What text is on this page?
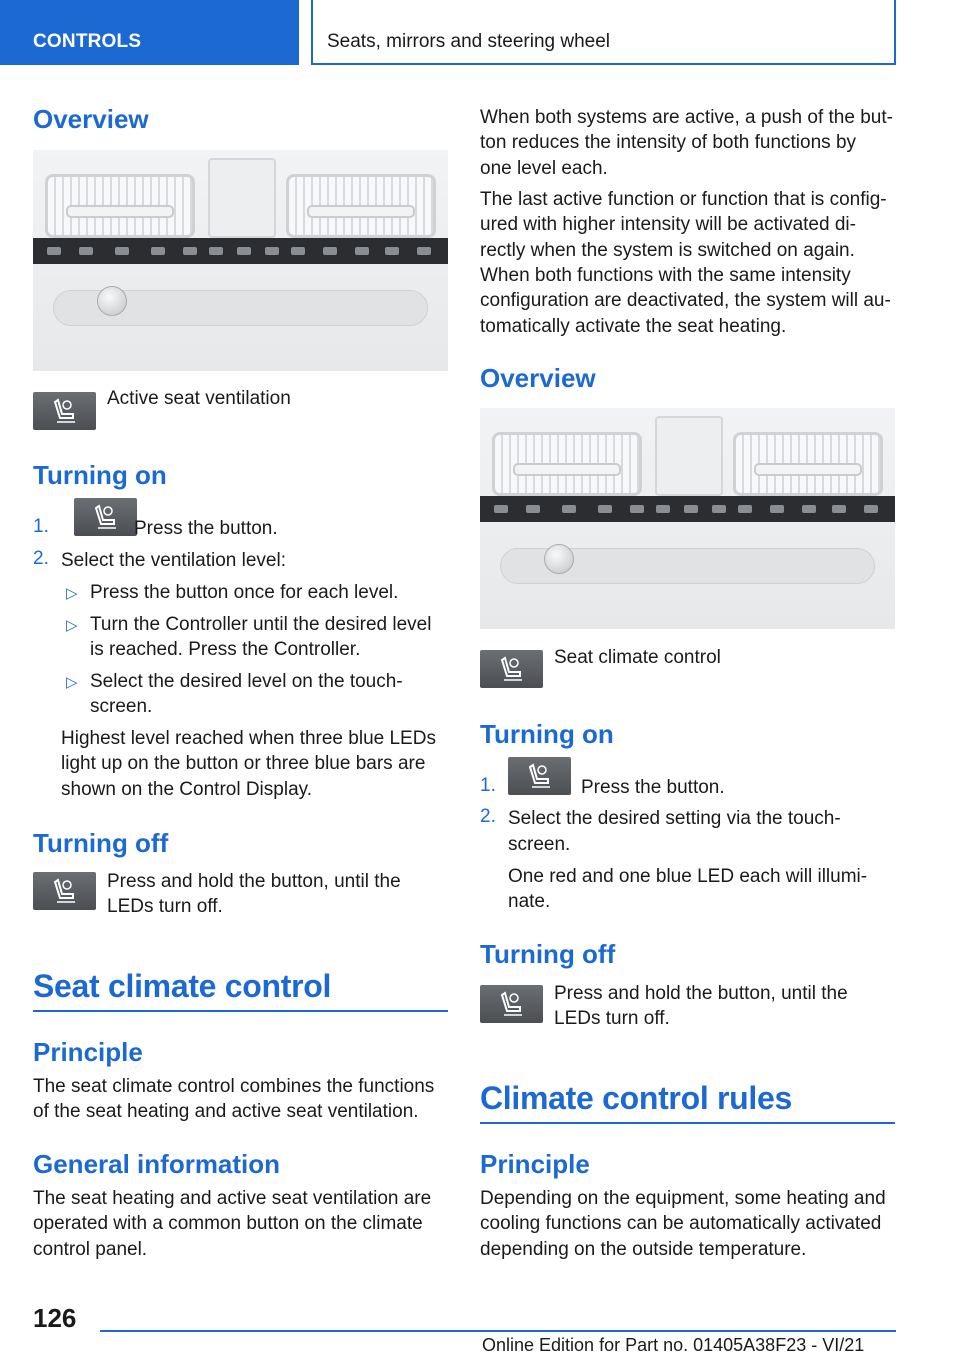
CONTROLS	Seats, mirrors and steering wheel
Overview
Active seat ventilation
Turning on
1.	Press the button.
2. Select the ventilation level:
▷ Press the button once for each level.
▷ Turn the Controller until the desired level
is reached. Press the Controller.
▷ Select the desired level on the touch-
screen.
Highest level reached when three blue LEDs
light up on the button or three blue bars are
shown on the Control Display.
Turning off
Press and hold the button, until the
LEDs turn off.
Seat climate control
Principle
The seat climate control combines the functions
of the seat heating and active seat ventilation.
General information
The seat heating and active seat ventilation are
operated with a common button on the climate
control panel.
When both systems are active, a push of the but-
ton reduces the intensity of both functions by
one level each.
The last active function or function that is config-
ured with higher intensity will be activated di-
rectly when the system is switched on again.
When both functions with the same intensity
configuration are deactivated, the system will au-
tomatically activate the seat heating.
Overview
Seat climate control
Turning on
1.	Press the button.
2. Select the desired setting via the touch-
screen.
One red and one blue LED each will illumi-
nate.
Turning off
Press and hold the button, until the
LEDs turn off.
Climate control rules
Principle
Depending on the equipment, some heating and
cooling functions can be automatically activated
depending on the outside temperature.
126
Online Edition for Part no. 01405A38F23 - VI/21
